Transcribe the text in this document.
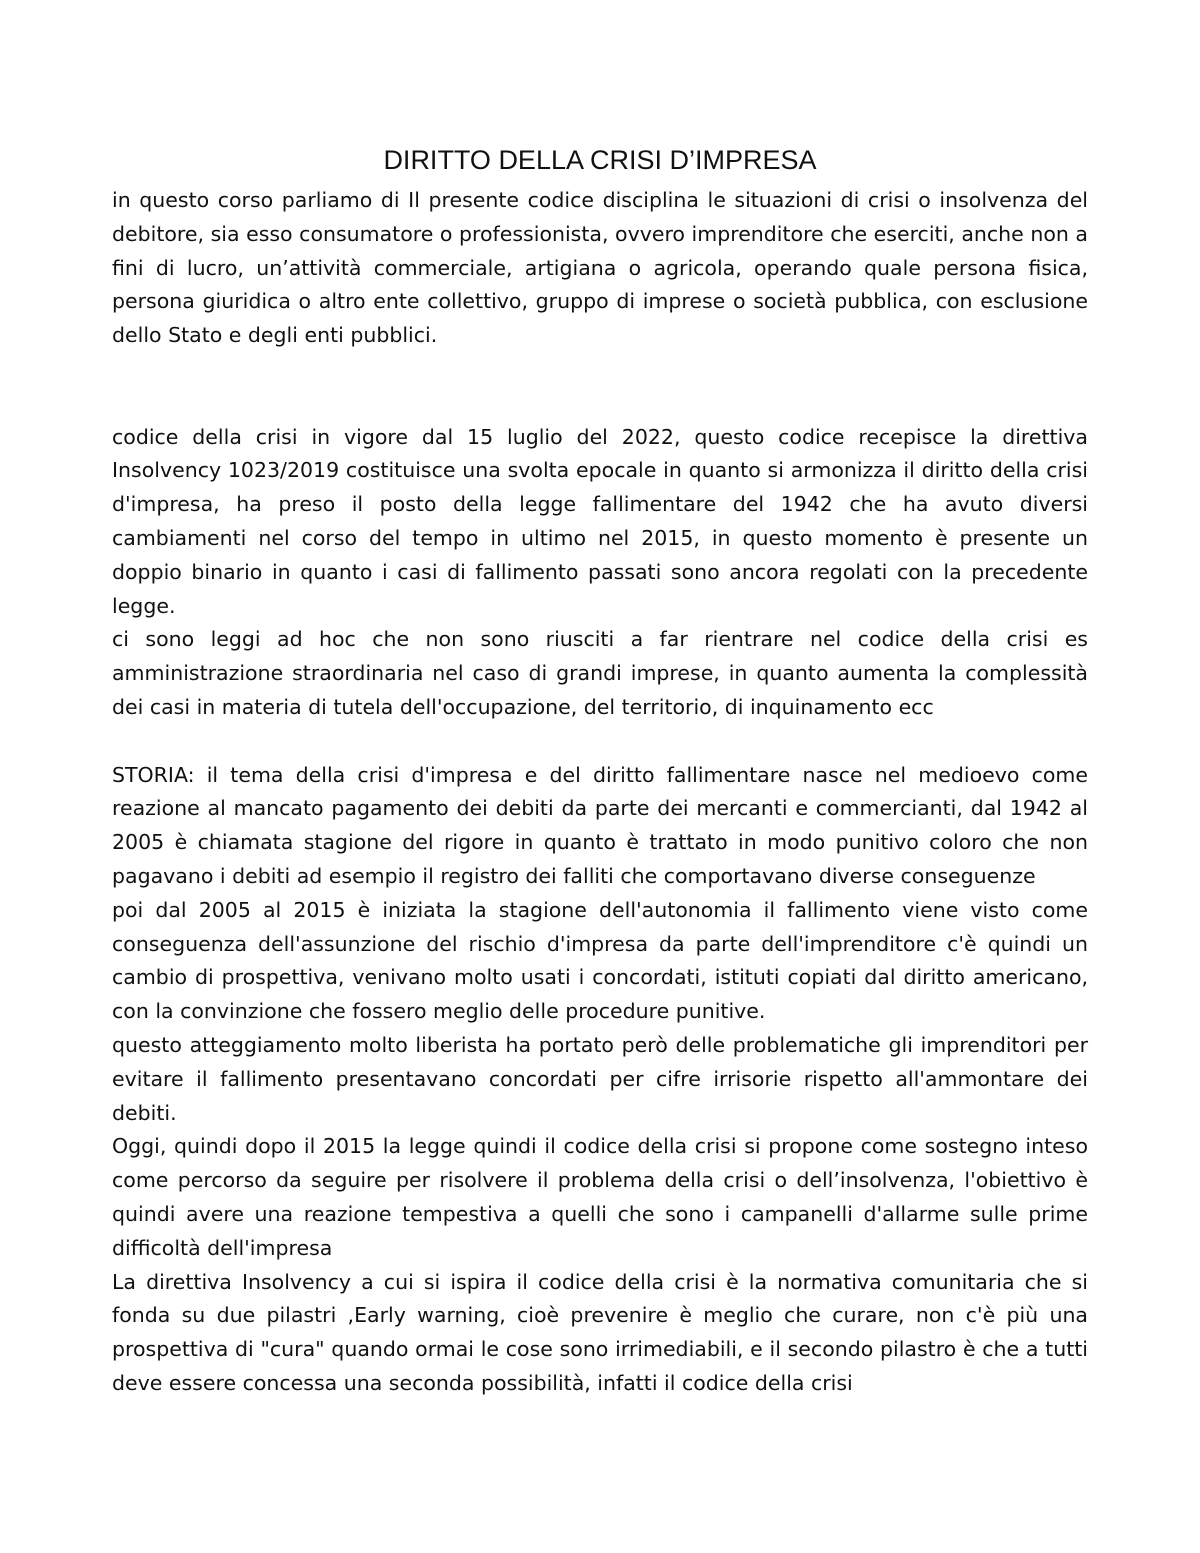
DIRITTO DELLA CRISI D’IMPRESA

in questo corso parliamo di Il presente codice disciplina le situazioni di crisi o insolvenza del debitore, sia esso consumatore o professionista, ovvero imprenditore che eserciti, anche non a fini di lucro, un’attività commerciale, artigiana o agricola, operando quale persona fisica, persona giuridica o altro ente collettivo, gruppo di imprese o società pubblica, con esclusione dello Stato e degli enti pubblici.

codice della crisi in vigore dal 15 luglio del 2022, questo codice recepisce la direttiva Insolvency 1023/2019 costituisce una svolta epocale in quanto si armonizza il diritto della crisi d'impresa, ha preso il posto della legge fallimentare del 1942 che ha avuto diversi cambiamenti nel corso del tempo in ultimo nel 2015, in questo momento è presente un doppio binario in quanto i casi di fallimento passati sono ancora regolati con la precedente legge.

ci sono leggi ad hoc che non sono riusciti a far rientrare nel codice della crisi es amministrazione straordinaria nel caso di grandi imprese, in quanto aumenta la complessità dei casi in materia di tutela dell'occupazione, del territorio, di inquinamento ecc

STORIA: il tema della crisi d'impresa e del diritto fallimentare nasce nel medioevo come reazione al mancato pagamento dei debiti da parte dei mercanti e commercianti, dal 1942 al 2005 è chiamata stagione del rigore in quanto è trattato in modo punitivo coloro che non pagavano i debiti ad esempio il registro dei falliti che comportavano diverse conseguenze

poi dal 2005 al 2015 è iniziata la stagione dell'autonomia il fallimento viene visto come conseguenza dell'assunzione del rischio d'impresa da parte dell'imprenditore c'è quindi un cambio di prospettiva, venivano molto usati i concordati, istituti copiati dal diritto americano, con la convinzione che fossero meglio delle procedure punitive.

questo atteggiamento molto liberista ha portato però delle problematiche gli imprenditori per evitare il fallimento presentavano concordati per cifre irrisorie rispetto all'ammontare dei debiti.

Oggi, quindi dopo il 2015 la legge quindi il codice della crisi si propone come sostegno inteso come percorso da seguire per risolvere il problema della crisi o dell’insolvenza, l'obiettivo è quindi avere una reazione tempestiva a quelli che sono i campanelli d'allarme sulle prime difficoltà dell'impresa

La direttiva Insolvency a cui si ispira il codice della crisi è la normativa comunitaria che si fonda su due pilastri ,Early warning, cioè prevenire è meglio che curare, non c'è più una prospettiva di "cura" quando ormai le cose sono irrimediabili, e il secondo pilastro è che a tutti deve essere concessa una seconda possibilità, infatti il codice della crisi
